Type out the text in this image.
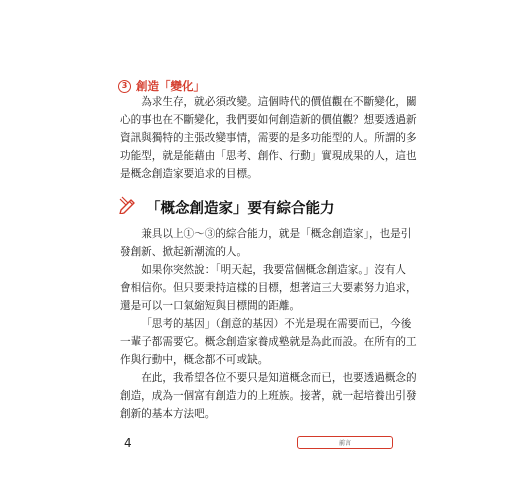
3 創造「變化」

為求生存，就必須改變。這個時代的價值觀在不斷變化，關
心的事也在不斷變化，我們要如何創造新的價值觀？想要透過新
資訊與獨特的主張改變事情，需要的是多功能型的人。所謂的多
功能型，就是能藉由「思考、創作、行動」實現成果的人，這也
是概念創造家要追求的目標。

「概念創造家」要有綜合能力

兼具以上①～③的綜合能力，就是「概念創造家」，也是引
發創新、掀起新潮流的人。

如果你突然說：「明天起，我要當個概念創造家。」沒有人
會相信你。但只要秉持這樣的目標，想著這三大要素努力追求，
還是可以一口氣縮短與目標間的距離。

「思考的基因」（創意的基因）不光是現在需要而已，今後
一輩子都需要它。概念創造家養成塾就是為此而設。在所有的工
作與行動中，概念都不可或缺。

在此，我希望各位不要只是知道概念而已，也要透過概念的
創造，成為一個富有創造力的上班族。接著，就一起培養出引發
創新的基本方法吧。

4	前言
